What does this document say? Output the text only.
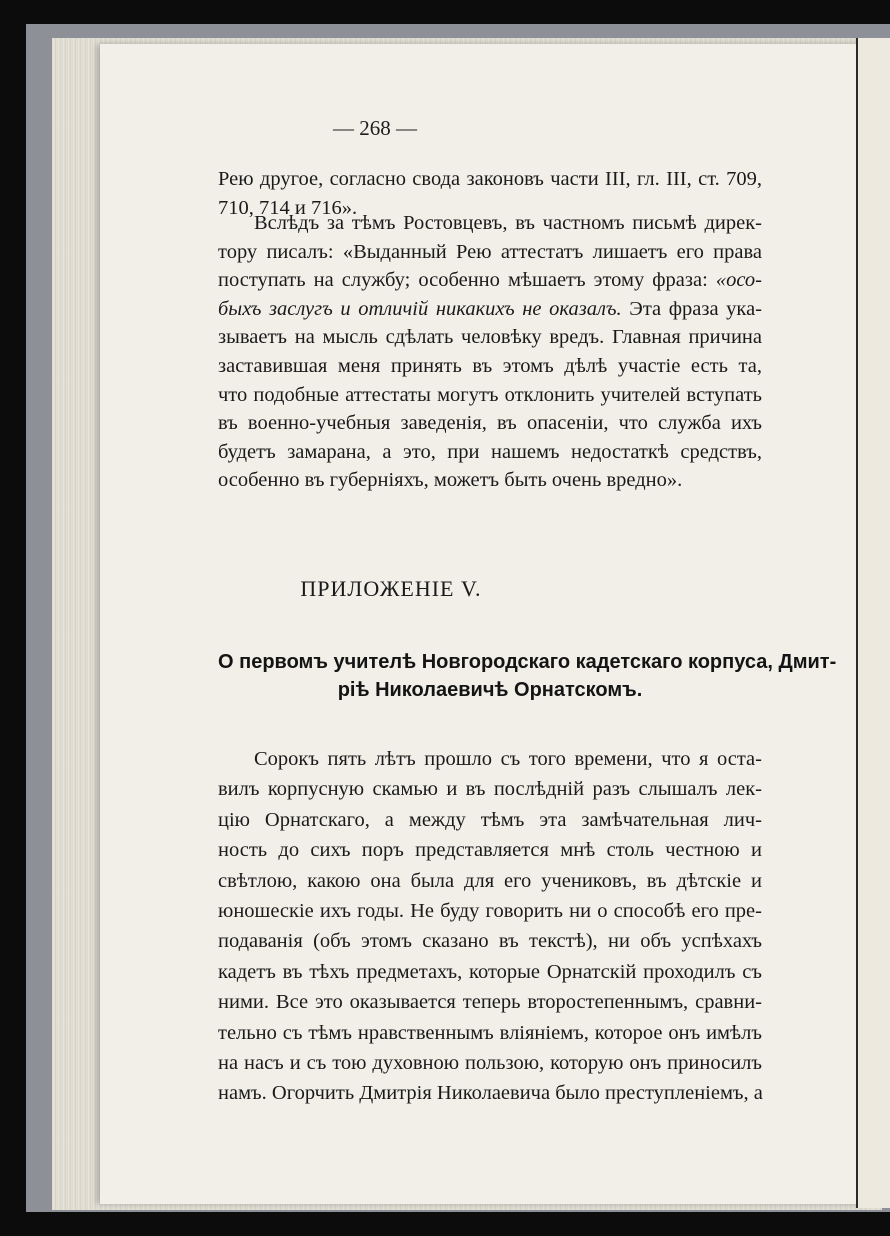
— 268 —
Рею другое, согласно свода законовъ части III, гл. III, ст. 709,
710, 714 и 716».
Вслѣдъ за тѣмъ Ростовцевъ, въ частномъ письмѣ дирек-
тору писалъ: «Выданный Рею аттестатъ лишаетъ его права
поступать на службу; особенно мѣшаетъ этому фраза: «осо-
быхъ заслугъ и отличій никакихъ не оказалъ. Эта фраза ука-
зываетъ на мысль сдѣлать человѣку вредъ. Главная причина
заставившая меня принять въ этомъ дѣлѣ участіе есть та,
что подобные аттестаты могутъ отклонить учителей вступать
въ военно-учебныя заведенія, въ опасеніи, что служба ихъ
будетъ замарана, а это, при нашемъ недостаткѣ средствъ,
особенно въ губерніяхъ, можетъ быть очень вредно».
ПРИЛОЖЕНІЕ V.
О первомъ учителѣ Новгородскаго кадетскаго корпуса, Дмит-
ріѣ Николаевичѣ Орнатскомъ.
Сорокъ пять лѣтъ прошло съ того времени, что я оста-
вилъ корпусную скамью и въ послѣдній разъ слышалъ лек-
цію Орнатскаго, а между тѣмъ эта замѣчательная лич-
ность до сихъ поръ представляется мнѣ столь честною и
свѣтлою, какою она была для его учениковъ, въ дѣтскіе и
юношескіе ихъ годы. Не буду говорить ни о способѣ его пре-
подаванія (объ этомъ сказано въ текстѣ), ни объ успѣхахъ
кадетъ въ тѣхъ предметахъ, которые Орнатскій проходилъ съ
ними. Все это оказывается теперь второстепеннымъ, сравни-
тельно съ тѣмъ нравственнымъ вліяніемъ, которое онъ имѣлъ
на насъ и съ тою духовною пользою, которую онъ приносилъ
намъ. Огорчить Дмитрія Николаевича было преступленіемъ, а
